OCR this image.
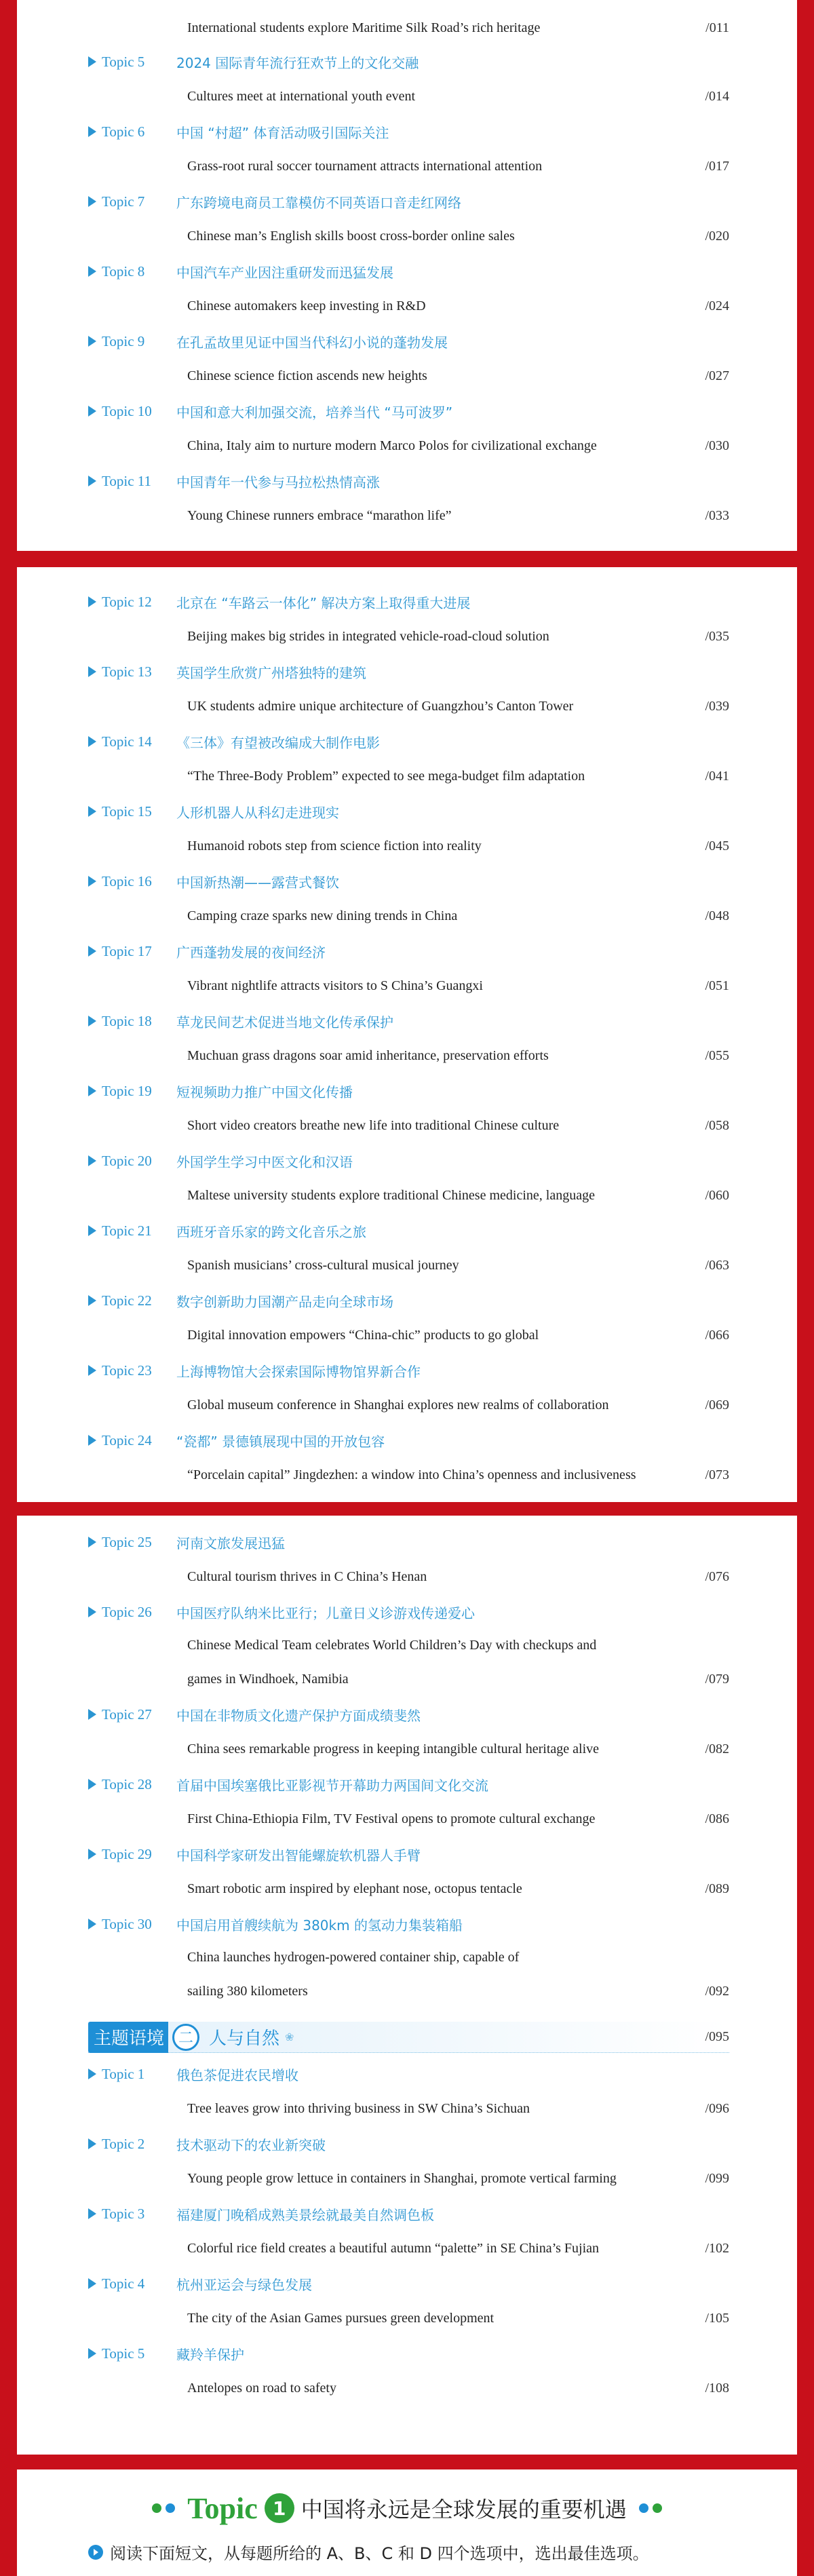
International students explore Maritime Silk Road’s rich heritage	/011
Topic 5	2024 国际青年流行狂欢节上的文化交融
Cultures meet at international youth event	/014
Topic 6	中国 “村超” 体育活动吸引国际关注
Grass-root rural soccer tournament attracts international attention	/017
Topic 7	广东跨境电商员工靠模仿不同英语口音走红网络
Chinese man’s English skills boost cross-border online sales	/020
Topic 8	中国汽车产业因注重研发而迅猛发展
Chinese automakers keep investing in R&D	/024
Topic 9	在孔孟故里见证中国当代科幻小说的蓬勃发展
Chinese science fiction ascends new heights	/027
Topic 10	中国和意大利加强交流，培养当代 “马可波罗”
China, Italy aim to nurture modern Marco Polos for civilizational exchange	/030
Topic 11	中国青年一代参与马拉松热情高涨
Young Chinese runners embrace “marathon life”	/033
Topic 12	北京在 “车路云一体化” 解决方案上取得重大进展
Beijing makes big strides in integrated vehicle-road-cloud solution	/035
Topic 13	英国学生欣赏广州塔独特的建筑
UK students admire unique architecture of Guangzhou’s Canton Tower	/039
Topic 14	《三体》有望被改编成大制作电影
“The Three-Body Problem” expected to see mega-budget film adaptation	/041
Topic 15	人形机器人从科幻走进现实
Humanoid robots step from science fiction into reality	/045
Topic 16	中国新热潮——露营式餐饮
Camping craze sparks new dining trends in China	/048
Topic 17	广西蓬勃发展的夜间经济
Vibrant nightlife attracts visitors to S China’s Guangxi	/051
Topic 18	草龙民间艺术促进当地文化传承保护
Muchuan grass dragons soar amid inheritance, preservation efforts	/055
Topic 19	短视频助力推广中国文化传播
Short video creators breathe new life into traditional Chinese culture	/058
Topic 20	外国学生学习中医文化和汉语
Maltese university students explore traditional Chinese medicine, language	/060
Topic 21	西班牙音乐家的跨文化音乐之旅
Spanish musicians’ cross-cultural musical journey	/063
Topic 22	数字创新助力国潮产品走向全球市场
Digital innovation empowers “China-chic” products to go global	/066
Topic 23	上海博物馆大会探索国际博物馆界新合作
Global museum conference in Shanghai explores new realms of collaboration	/069
Topic 24	“瓷都” 景德镇展现中国的开放包容
“Porcelain capital” Jingdezhen: a window into China’s openness and inclusiveness	/073
Topic 25	河南文旅发展迅猛
Cultural tourism thrives in C China’s Henan	/076
Topic 26	中国医疗队纳米比亚行；儿童日义诊游戏传递爱心
Chinese Medical Team celebrates World Children’s Day with checkups and
games in Windhoek, Namibia	/079
Topic 27	中国在非物质文化遗产保护方面成绩斐然
China sees remarkable progress in keeping intangible cultural heritage alive	/082
Topic 28	首届中国埃塞俄比亚影视节开幕助力两国间文化交流
First China-Ethiopia Film, TV Festival opens to promote cultural exchange	/086
Topic 29	中国科学家研发出智能螺旋软机器人手臂
Smart robotic arm inspired by elephant nose, octopus tentacle	/089
Topic 30	中国启用首艘续航为 380km 的氢动力集装箱船
China launches hydrogen-powered container ship, capable of
sailing 380 kilometers	/092
主题语境 二 人与自然 ❀	/095
Topic 1	俄色茶促进农民增收
Tree leaves grow into thriving business in SW China’s Sichuan	/096
Topic 2	技术驱动下的农业新突破
Young people grow lettuce in containers in Shanghai, promote vertical farming	/099
Topic 3	福建厦门晚稻成熟美景绘就最美自然调色板
Colorful rice field creates a beautiful autumn “palette” in SE China’s Fujian	/102
Topic 4	杭州亚运会与绿色发展
The city of the Asian Games pursues green development	/105
Topic 5	藏羚羊保护
Antelopes on road to safety	/108
Topic 1 中国将永远是全球发展的重要机遇
阅读下面短文，从每题所给的 A、B、C 和 D 四个选项中，选出最佳选项。
